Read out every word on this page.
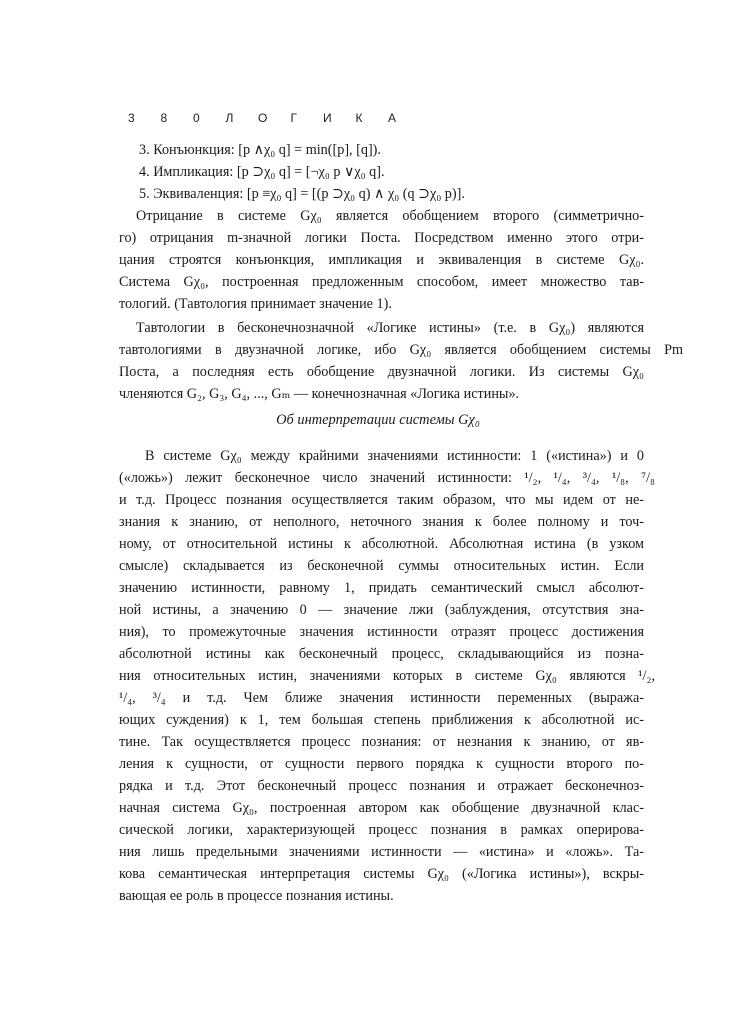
3 8 0 Л О Г И К А
3. Конъюнкция: [p ∧χ₀ q] = min([p], [q]).
4. Импликация: [p ⊃χ₀ q] = [¬χ₀ p ∨χ₀ q].
5. Эквиваленция: [p ≡χ₀ q] = [(p ⊃χ₀ q) ∧ χ₀ (q ⊃χ₀ p)].
Отрицание в системе Gχ₀ является обобщением второго (симметрично-
го) отрицания m-значной логики Поста. Посредством именно этого отри-
цания строятся конъюнкция, импликация и эквиваленция в системе Gχ₀.
Система Gχ₀, построенная предложенным способом, имеет множество тав-
тологий. (Тавтология принимает значение 1).
Тавтологии в бесконечнозначной «Логике истины» (т.е. в Gχ₀) являются
тавтологиями в двузначной логике, ибо Gχ₀ является обобщением системы Pm
Поста, а последняя есть обобщение двузначной логики. Из системы Gχ₀
членяются G₂, G₃, G₄, ..., Gₘ — конечнозначная «Логика истины».
Об интерпретации системы Gχ₀
В системе Gχ₀ между крайними значениями истинности: 1 («истина») и 0
(«ложь») лежит бесконечное число значений истинности: ¹/₂, ¹/₄, ³/₄, ¹/₈, ⁷/₈
и т.д. Процесс познания осуществляется таким образом, что мы идем от не-
знания к знанию, от неполного, неточного знания к более полному и точ-
ному, от относительной истины к абсолютной. Абсолютная истина (в узком
смысле) складывается из бесконечной суммы относительных истин. Если
значению истинности, равному 1, придать семантический смысл абсолют-
ной истины, а значению 0 — значение лжи (заблуждения, отсутствия зна-
ния), то промежуточные значения истинности отразят процесс достижения
абсолютной истины как бесконечный процесс, складывающийся из позна-
ния относительных истин, значениями которых в системе Gχ₀ являются ¹/₂,
¹/₄, ³/₄ и т.д. Чем ближе значения истинности переменных (выража-
ющих суждения) к 1, тем большая степень приближения к абсолютной ис-
тине. Так осуществляется процесс познания: от незнания к знанию, от яв-
ления к сущности, от сущности первого порядка к сущности второго по-
рядка и т.д. Этот бесконечный процесс познания и отражает бесконечноз-
начная система Gχ₀, построенная автором как обобщение двузначной клас-
сической логики, характеризующей процесс познания в рамках оперирова-
ния лишь предельными значениями истинности — «истина» и «ложь». Та-
кова семантическая интерпретация системы Gχ₀ («Логика истины»), вскры-
вающая ее роль в процессе познания истины.
